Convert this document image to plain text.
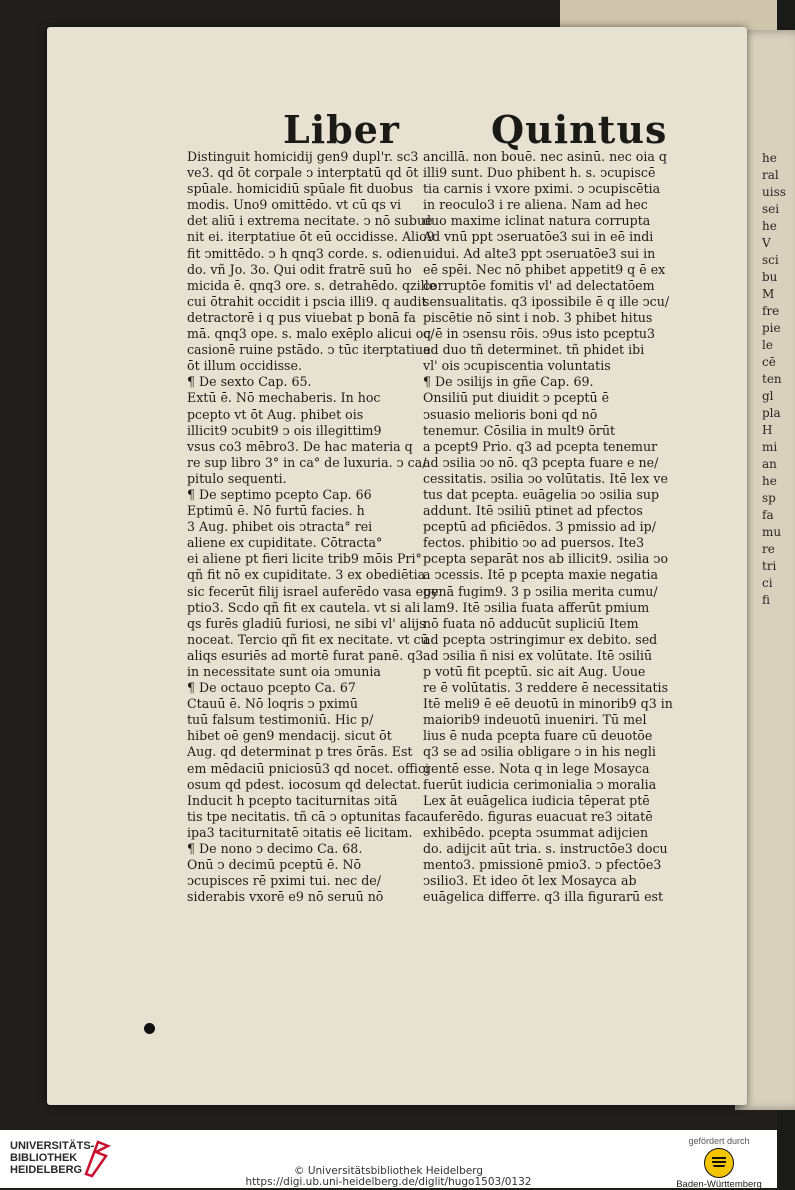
he
ral
uiss
sei
he
V
sci
bu
M
fre
pie
le
cē
ten
gl
pla
H
mi
an
he
sp
fa
mu
re
tri
ci
fi
Liber Quintus

Distinguit homicidij gen9 dupl'r. sc3

ve3. qd ōt corpale ↄ interptatū qd ōt

spūale. homicidiū spūale fit duobus

modis. Uno9 omittēdo. vt cū qs vi

det aliū i extrema necitate. ↄ nō subue

nit ei. iterptatiue ōt eū occidisse. Alio9

fit ↄmittēdo. ↄ h qnq3 corde. s. odien

do. vñ Jo. 3o. Qui odit fratrē suū ho

micida ē. qnq3 ore. s. detrahēdo. qzille

cui ōtrahit occidit i pscia illi9. q audit

detractorē i q pus viuebat p bonā fa

mā. qnq3 ope. s. malo exēplo alicui oc/

casionē ruine pstādo. ↄ tūc iterptatiue

ōt illum occidisse.

¶ De sexto Cap. 65.

Extū ē. Nō mechaberis. In hoc

pcepto vt ōt Aug. phibet ois

illicit9 ↄcubit9 ↄ ois illegittim9

vsus co3 mēbro3. De hac materia q

re sup libro 3° in ca° de luxuria. ↄ ca/

pitulo sequenti.

¶ De septimo pcepto Cap. 66

Eptimū ē. Nō furtū facies. h

3 Aug. phibet ois ↄtracta° rei

aliene ex cupiditate. Cōtracta°

ei aliene pt fieri licite trib9 mōis Pri°

qñ fit nō ex cupiditate. 3 ex obediētia

sic fecerūt filij israel auferēdo vasa egy

ptio3. Scdo qñ fit ex cautela. vt si ali

qs furēs gladiū furiosi, ne sibi vl' alijs

noceat. Tercio qñ fit ex necitate. vt cū

aliqs esuriēs ad mortē furat panē. q3

in necessitate sunt oia ↄmunia

¶ De octauo pcepto Ca. 67

Ctauū ē. Nō loqris ↄ pximū

tuū falsum testimoniū. Hic p/

hibet oē gen9 mendacij. sicut ōt

Aug. qd determinat p tres ōrās. Est

em mēdaciū pniciosū3 qd nocet. offici

osum qd pdest. iocosum qd delectat.

Inducit h pcepto taciturnitas ↄitā

tis tpe necitatis. tñ cā ↄ optunitas fac

ipa3 taciturnitatē ↄitatis eē licitam.

¶ De nono ↄ decimo Ca. 68.

Onū ↄ decimū pceptū ē. Nō

ↄcupisces rē pximi tui. nec de/

siderabis vxorē e9 nō seruū nō

ancillā. non bouē. nec asinū. nec oia q

illi9 sunt. Duo phibent h. s. ↄcupiscē

tia carnis i vxore pximi. ↄ ↄcupiscētia

in reoculo3 i re aliena. Nam ad hec

duo maxime iclinat natura corrupta

Ad vnū ppt ↄseruatōe3 sui in eē indi

uidui. Ad alte3 ppt ↄseruatōe3 sui in

eē spēi. Nec nō phibet appetit9 q ē ex

corruptōe fomitis vl' ad delectatōem

sensualitatis. q3 ipossibile ē q ille ↄcu/

piscētie nō sint i nob. 3 phibet hitus

q ē in ↄsensu rōis. ↄ9us isto pceptu3

ad duo tñ determinet. tñ phidet ibi

vl' ois ↄcupiscentia voluntatis

¶ De ↄsilijs in gñe Cap. 69.

Onsiliū put diuidit ↄ pceptū ē

ↄsuasio melioris boni qd nō

tenemur. Cōsilia in mult9 ōrūt

a pcept9 Prio. q3 ad pcepta tenemur

ad ↄsilia ↄo nō. q3 pcepta fuare e ne/

cessitatis. ↄsilia ↄo volūtatis. Itē lex ve

tus dat pcepta. euāgelia ↄo ↄsilia sup

addunt. Itē ↄsiliū ptinet ad pfectos

pceptū ad pficiēdos. 3 pmissio ad ip/

fectos. phibitio ↄo ad puersos. Ite3

pcepta separāt nos ab illicit9. ↄsilia ↄo

a ↄcessis. Itē p pcepta maxie negatia

penā fugim9. 3 p ↄsilia merita cumu/

lam9. Itē ↄsilia fuata afferūt pmium

nō fuata nō adducūt supliciū Item

ad pcepta ↄstringimur ex debito. sed

ad ↄsilia ñ nisi ex volūtate. Itē ↄsiliū

p votū fit pceptū. sic ait Aug. Uoue

re ē volūtatis. 3 reddere ē necessitatis

Itē meli9 ē eē deuotū in minorib9 q3 in

maiorib9 indeuotū inueniri. Tū mel

lius ē nuda pcepta fuare cū deuotōe

q3 se ad ↄsilia obligare ↄ in his negli

gentē esse. Nota q in lege Mosayca

fuerūt iudicia cerimonialia ↄ moralia

Lex āt euāgelica iudicia tēperat ptē

auferēdo. figuras euacuat re3 ↄitatē

exhibēdo. pcepta ↄsummat adijcien

do. adijcit aūt tria. s. instructōe3 docu

mento3. pmissionē pmio3. ↄ pfectōe3

ↄsilio3. Et ideo ōt lex Mosayca ab

euāgelica differre. q3 illa figurarū est

UNIVERSITÄTS-
BIBLIOTHEK
HEIDELBERG	© Universitätsbibliothek Heidelberg
https://digi.ub.uni-heidelberg.de/diglit/hugo1503/0132
gefördert durch
Baden-Württemberg
